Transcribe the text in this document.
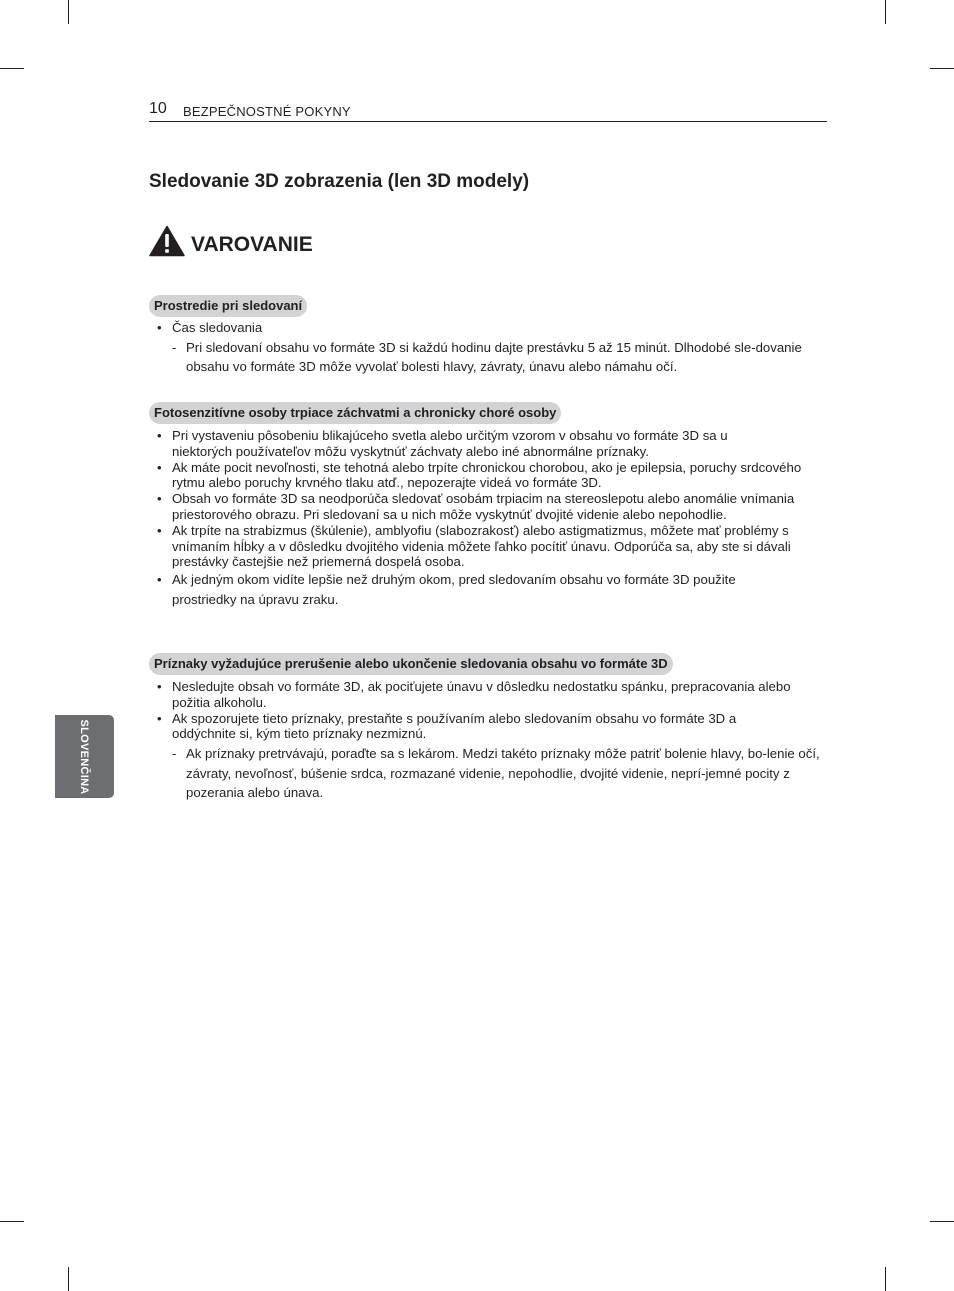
10 BEZPEČNOSTNÉ POKYNY
Sledovanie 3D zobrazenia (len 3D modely)
VAROVANIE
Prostredie pri sledovaní
• Čas sledovania
- Pri sledovaní obsahu vo formáte 3D si každú hodinu dajte prestávku 5 až 15 minút. Dlhodobé sle-dovanie obsahu vo formáte 3D môže vyvolať bolesti hlavy, závraty, únavu alebo námahu očí.
Fotosenzitívne osoby trpiace záchvatmi a chronicky choré osoby
• Pri vystaveniu pôsobeniu blikajúceho svetla alebo určitým vzorom v obsahu vo formáte 3D sa u niektorých používateľov môžu vyskytnúť záchvaty alebo iné abnormálne príznaky.
• Ak máte pocit nevoľnosti, ste tehotná alebo trpíte chronickou chorobou, ako je epilepsia, poruchy srdcového rytmu alebo poruchy krvného tlaku atď., nepozerajte videá vo formáte 3D.
• Obsah vo formáte 3D sa neodporúča sledovať osobám trpiacim na stereoslepotu alebo anomálie vnímania priestorového obrazu. Pri sledovaní sa u nich môže vyskytnúť dvojité videnie alebo nepohodlie.
• Ak trpíte na strabizmus (škúlenie), amblyofiu (slabozrakosť) alebo astigmatizmus, môžete mať problémy s vnímaním hĺbky a v dôsledku dvojitého videnia môžete ľahko pocítiť únavu. Odporúča sa, aby ste si dávali prestávky častejšie než priemerná dospelá osoba.
• Ak jedným okom vidíte lepšie než druhým okom, pred sledovaním obsahu vo formáte 3D použite prostriedky na úpravu zraku.
Príznaky vyžadujúce prerušenie alebo ukončenie sledovania obsahu vo formáte 3D
• Nesledujte obsah vo formáte 3D, ak pociťujete únavu v dôsledku nedostatku spánku, prepracovania alebo požitia alkoholu.
• Ak spozorujete tieto príznaky, prestaňte s používaním alebo sledovaním obsahu vo formáte 3D a oddýchnite si, kým tieto príznaky nezmiznú.
- Ak príznaky pretrvávajú, poraďte sa s lekárom. Medzi takéto príznaky môže patriť bolenie hlavy, bo-lenie očí, závraty, nevoľnosť, búšenie srdca, rozmazané videnie, nepohodlie, dvojité videnie, neprí-jemné pocity z pozerania alebo únava.
SLOVENČINA
